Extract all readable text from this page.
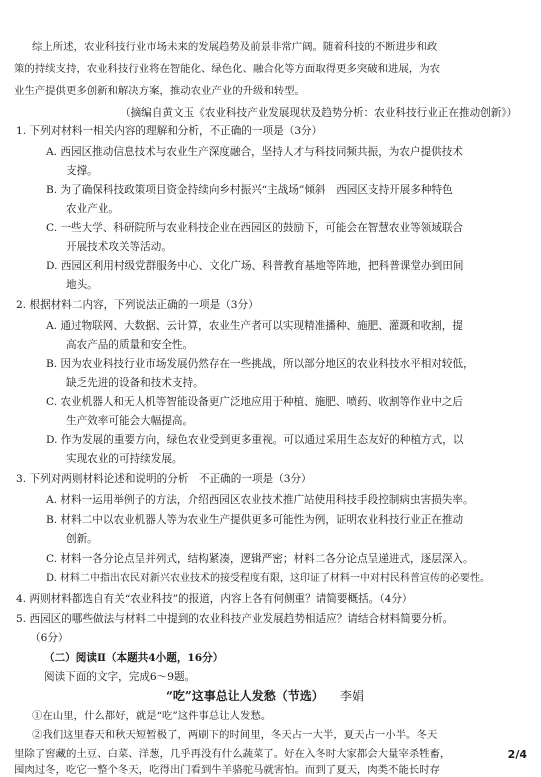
综上所述，农业科技行业市场未来的发展趋势及前景非常广阔。随着科技的不断进步和政
策的持续支持，农业科技行业将在智能化、绿色化、融合化等方面取得更多突破和进展，为农
业生产提供更多创新和解决方案，推动农业产业的升级和转型。
（摘编自黄文玉《农业科技产业发展现状及趋势分析：农业科技行业正在推动创新》）
1. 下列对材料一相关内容的理解和分析，不正确的一项是（3分）
A. 西园区推动信息技术与农业生产深度融合，坚持人才与科技同频共振，为农户提供技术
支撑。
B. 为了确保科技政策项目资金持续向乡村振兴“主战场”倾斜　西园区支持开展多种特色
农业产业。
C. 一些大学、科研院所与农业科技企业在西园区的鼓励下，可能会在智慧农业等领域联合
开展技术攻关等活动。
D. 西园区利用村级党群服务中心、文化广场、科普教育基地等阵地，把科普课堂办到田间
地头。
2. 根据材料二内容，下列说法正确的一项是（3分）
A. 通过物联网、大数据、云计算，农业生产者可以实现精准播种、施肥、灌溉和收割，提
高农产品的质量和安全性。
B. 因为农业科技行业市场发展仍然存在一些挑战，所以部分地区的农业科技水平相对较低，
缺乏先进的设备和技术支持。
C. 农业机器人和无人机等智能设备更广泛地应用于种植、施肥、喷药、收割等作业中之后
生产效率可能会大幅提高。
D. 作为发展的重要方向，绿色农业受到更多重视。可以通过采用生态友好的种植方式，以
实现农业的可持续发展。
3. 下列对两则材料论述和说明的分析　不正确的一项是（3分）
A. 材料一运用举例子的方法，介绍西园区农业技术推广站使用科技手段控制病虫害损失率。
B. 材料二中以农业机器人等为农业生产提供更多可能性为例，证明农业科技行业正在推动
创新。
C. 材料一各分论点呈并列式，结构紧凑，逻辑严密；材料二各分论点呈递进式，逐层深入。
D. 材料二中指出农民对新兴农业技术的接受程度有限，这印证了材料一中对村民科普宣传的必要性。
4. 两则材料都选自有关“农业科技”的报道，内容上各有何侧重？请简要概括。（4分）
5. 西园区的哪些做法与材料二中提到的农业科技产业发展趋势相适应？请结合材料简要分析。
（6分）
（二）阅读Ⅱ（本题共4小题，16分）
阅读下面的文字，完成6～9题。
“吃”这事总让人发愁（节选） 李娟
①在山里，什么都好，就是“吃”这件事总让人发愁。
②我们这里春天和秋天短暂极了，两刷下的时间里，冬天占一大半，夏天占一小半。冬天
里除了窖藏的土豆、白菜、洋葱，几乎再没有什么蔬菜了。好在入冬时大家都会大量宰杀牲畜，
囤肉过冬，吃它一整个冬天，吃得出门看到牛羊骆驼马就害怕。而到了夏天，肉类不能长时存
2/4
